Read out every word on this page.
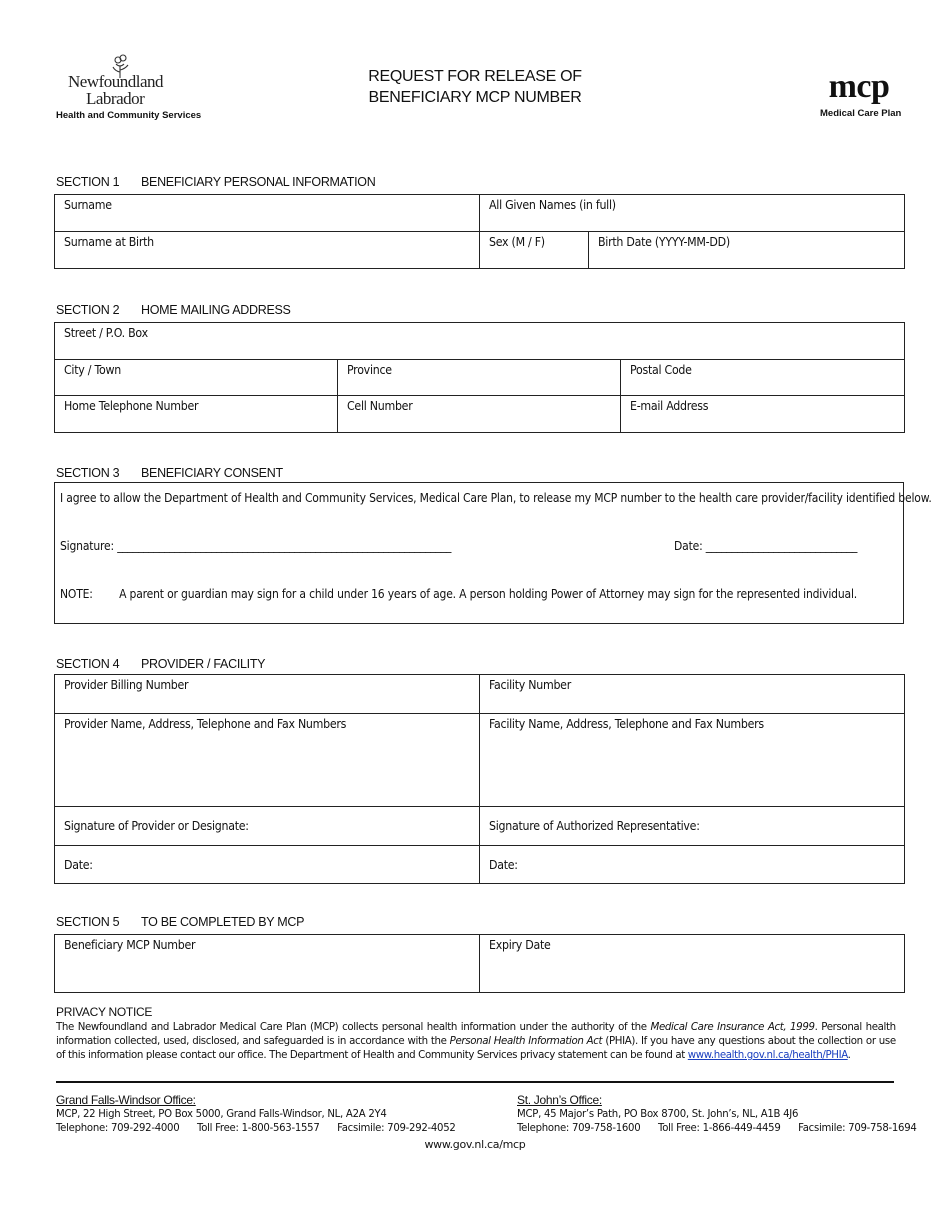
Newfoundland
Labrador
Health and Community Services
REQUEST FOR RELEASE OF
BENEFICIARY MCP NUMBER	mcp
Medical Care Plan
SECTION 1 BENEFICIARY PERSONAL INFORMATION
Surname	All Given Names (in full)	
Surname at Birth	Sex (M / F)	Birth Date (YYYY-MM-DD)
SECTION 2 HOME MAILING ADDRESS
Street / P.O. Box		
City / Town	Province	Postal Code
Home Telephone Number	Cell Number	E-mail Address
SECTION 3 BENEFICIARY CONSENT
I agree to allow the Department of Health and Community Services, Medical Care Plan, to release my MCP number to the health care provider/facility identified below.
Signature: ________________________________________________________________	Date: _____________________________
NOTE: A parent or guardian may sign for a child under 16 years of age. A person holding Power of Attorney may sign for the represented individual.
SECTION 4 PROVIDER / FACILITY
Provider Billing Number	Facility Number
Provider Name, Address, Telephone and Fax Numbers	Facility Name, Address, Telephone and Fax Numbers
Signature of Provider or Designate:	Signature of Authorized Representative:
Date:	Date:
SECTION 5 TO BE COMPLETED BY MCP
Beneficiary MCP Number	Expiry Date
PRIVACY NOTICE
The Newfoundland and Labrador Medical Care Plan (MCP) collects personal health information under the authority of the Medical Care Insurance Act, 1999. Personal health information collected, used, disclosed, and safeguarded is in accordance with the Personal Health Information Act (PHIA). If you have any questions about the collection or use of this information please contact our office. The Department of Health and Community Services privacy statement can be found at www.health.gov.nl.ca/health/PHIA.
Grand Falls-Windsor Office:
MCP, 22 High Street, PO Box 5000, Grand Falls-Windsor, NL, A2A 2Y4
Telephone: 709-292-4000      Toll Free: 1-800-563-1557      Facsimile: 709-292-4052
St. John’s Office:
MCP, 45 Major’s Path, PO Box 8700, St. John’s, NL, A1B 4J6
Telephone: 709-758-1600      Toll Free: 1-866-449-4459      Facsimile: 709-758-1694
www.gov.nl.ca/mcp
